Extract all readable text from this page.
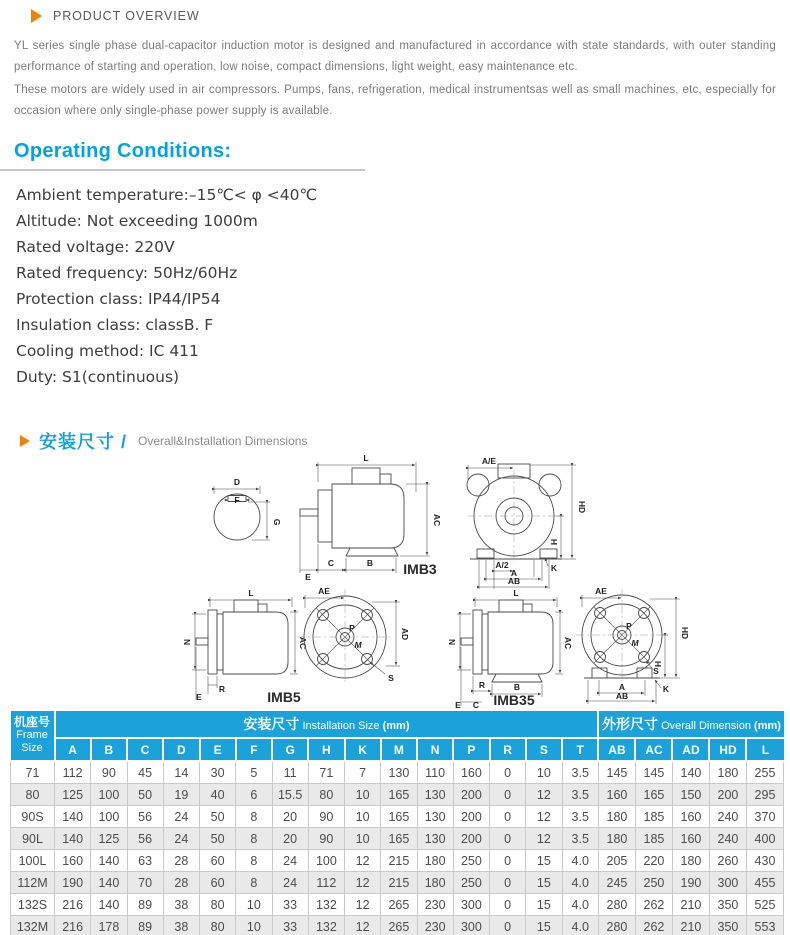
PRODUCT OVERVIEW
YL series single phase dual-capacitor induction motor is designed and manufactured in accordance with state standards, with outer standing performance of starting and operation, low noise, compact dimensions, light weight, easy maintenance etc.
These motors are widely used in air compressors. Pumps, fans, refrigeration, medical instrumentsas well as small machines, etc, especially for occasion where only single-phase power supply is available.
Operating Conditions:
Ambient temperature:–15℃< φ <40℃
Altitude: Not exceeding 1000m
Rated voltage: 220V
Rated frequency: 50Hz/60Hz
Protection class: IP44/IP54
Insulation class: classB. F
Cooling method: IC 411
Duty: S1(continuous)
安装尺寸 / Overall&Installation Dimensions
D
F
G
L
AC
E
C	B
A/E
HD
H
A/2
A
AB
K
IMB3
L
N	AC
R
E
AE
AD
P
M
S
IMB5
L
N	AC
R	B
C
E
AE
HD
H
P
M
S
A
AB
K
IMB35
机座号
Frame Size	安装尺寸 Installation Size (mm)															外形尺寸 Overall Dimension (mm)				
	A	B	C	D	E	F	G	H	K	M	N	P	R	S	T	AB	AC	AD	HD	L
71	112	90	45	14	30	5	11	71	7	130	110	160	0	10	3.5	145	145	140	180	255
80	125	100	50	19	40	6	15.5	80	10	165	130	200	0	12	3.5	160	165	150	200	295
90S	140	100	56	24	50	8	20	90	10	165	130	200	0	12	3.5	180	185	160	240	370
90L	140	125	56	24	50	8	20	90	10	165	130	200	0	12	3.5	180	185	160	240	400
100L	160	140	63	28	60	8	24	100	12	215	180	250	0	15	4.0	205	220	180	260	430
112M	190	140	70	28	60	8	24	112	12	215	180	250	0	15	4.0	245	250	190	300	455
132S	216	140	89	38	80	10	33	132	12	265	230	300	0	15	4.0	280	262	210	350	525
132M	216	178	89	38	80	10	33	132	12	265	230	300	0	15	4.0	280	262	210	350	553
